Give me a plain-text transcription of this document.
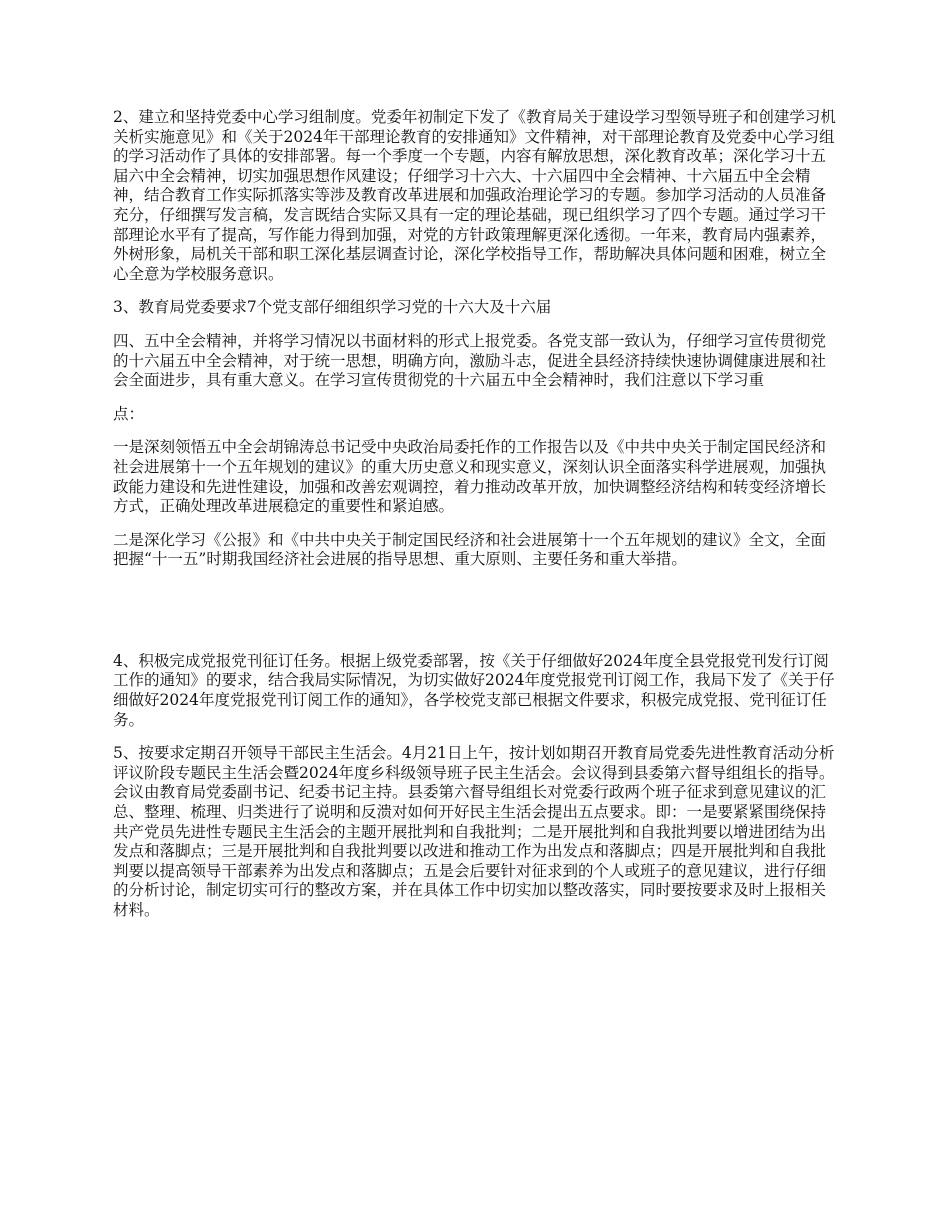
2、建立和坚持党委中心学习组制度。党委年初制定下发了《教育局关于建设学习型领导班子和创建学习机关析实施意见》和《关于2024年干部理论教育的安排通知》文件精神，对干部理论教育及党委中心学习组的学习活动作了具体的安排部署。每一个季度一个专题，内容有解放思想，深化教育改革；深化学习十五届六中全会精神，切实加强思想作风建设；仔细学习十六大、十六届四中全会精神、十六届五中全会精神，结合教育工作实际抓落实等涉及教育改革进展和加强政治理论学习的专题。参加学习活动的人员准备充分，仔细撰写发言稿，发言既结合实际又具有一定的理论基础，现已组织学习了四个专题。通过学习干部理论水平有了提高，写作能力得到加强，对党的方针政策理解更深化透彻。一年来，教育局内强素养，外树形象，局机关干部和职工深化基层调查讨论，深化学校指导工作，帮助解决具体问题和困难，树立全心全意为学校服务意识。

3、教育局党委要求7个党支部仔细组织学习党的十六大及十六届

四、五中全会精神，并将学习情况以书面材料的形式上报党委。各党支部一致认为，仔细学习宣传贯彻党的十六届五中全会精神，对于统一思想，明确方向，激励斗志，促进全县经济持续快速协调健康进展和社会全面进步，具有重大意义。在学习宣传贯彻党的十六届五中全会精神时，我们注意以下学习重

点：

一是深刻领悟五中全会胡锦涛总书记受中央政治局委托作的工作报告以及《中共中央关于制定国民经济和社会进展第十一个五年规划的建议》的重大历史意义和现实意义，深刻认识全面落实科学进展观，加强执政能力建设和先进性建设，加强和改善宏观调控，着力推动改革开放，加快调整经济结构和转变经济增长方式，正确处理改革进展稳定的重要性和紧迫感。

二是深化学习《公报》和《中共中央关于制定国民经济和社会进展第十一个五年规划的建议》全文，全面把握“十一五”时期我国经济社会进展的指导思想、重大原则、主要任务和重大举措。

4、积极完成党报党刊征订任务。根据上级党委部署，按《关于仔细做好2024年度全县党报党刊发行订阅工作的通知》的要求，结合我局实际情况，为切实做好2024年度党报党刊订阅工作，我局下发了《关于仔细做好2024年度党报党刊订阅工作的通知》，各学校党支部已根据文件要求，积极完成党报、党刊征订任务。

5、按要求定期召开领导干部民主生活会。4月21日上午，按计划如期召开教育局党委先进性教育活动分析评议阶段专题民主生活会暨2024年度乡科级领导班子民主生活会。会议得到县委第六督导组组长的指导。会议由教育局党委副书记、纪委书记主持。县委第六督导组组长对党委行政两个班子征求到意见建议的汇总、整理、梳理、归类进行了说明和反溃对如何开好民主生活会提出五点要求。即：一是要紧紧围绕保持共产党员先进性专题民主生活会的主题开展批判和自我批判；二是开展批判和自我批判要以增进团结为出发点和落脚点；三是开展批判和自我批判要以改进和推动工作为出发点和落脚点；四是开展批判和自我批判要以提高领导干部素养为出发点和落脚点；五是会后要针对征求到的个人或班子的意见建议，进行仔细的分析讨论，制定切实可行的整改方案，并在具体工作中切实加以整改落实，同时要按要求及时上报相关材料。
